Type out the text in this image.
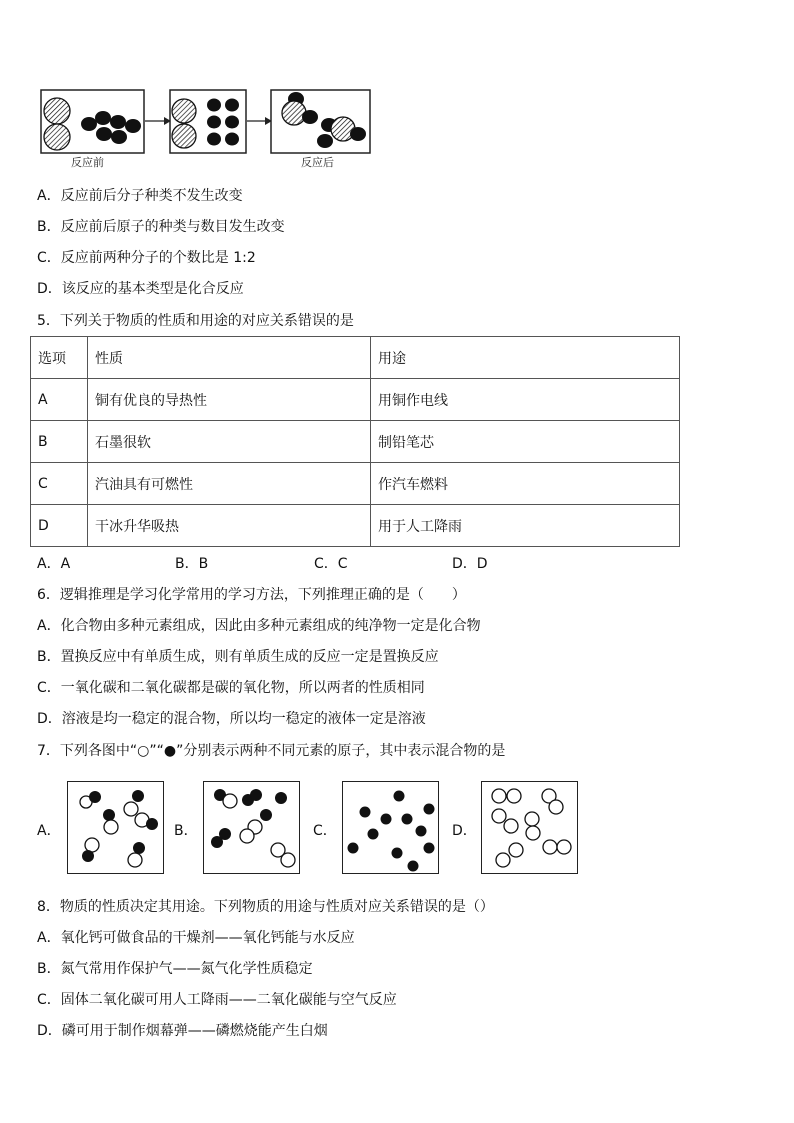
反应前	反应后
A．反应前后分子种类不发生改变
B．反应前后原子的种类与数目发生改变
C．反应前两种分子的个数比是 1:2
D．该反应的基本类型是化合反应
5．下列关于物质的性质和用途的对应关系错误的是
选项	性质	用途
A	铜有优良的导热性	用铜作电线
B	石墨很软	制铅笔芯
C	汽油具有可燃性	作汽车燃料
D	干冰升华吸热	用于人工降雨
A．A	B．B	C．C	D．D
6．逻辑推理是学习化学常用的学习方法，下列推理正确的是（　　）
A．化合物由多种元素组成，因此由多种元素组成的纯净物一定是化合物
B．置换反应中有单质生成，则有单质生成的反应一定是置换反应
C．一氧化碳和二氧化碳都是碳的氧化物，所以两者的性质相同
D．溶液是均一稳定的混合物，所以均一稳定的液体一定是溶液
7．下列各图中“○”“●”分别表示两种不同元素的原子，其中表示混合物的是
A．	B．	C．	D．
8．物质的性质决定其用途。下列物质的用途与性质对应关系错误的是（）
A．氧化钙可做食品的干燥剂——氧化钙能与水反应
B．氮气常用作保护气——氮气化学性质稳定
C．固体二氧化碳可用人工降雨——二氧化碳能与空气反应
D．磷可用于制作烟幕弹——磷燃烧能产生白烟
